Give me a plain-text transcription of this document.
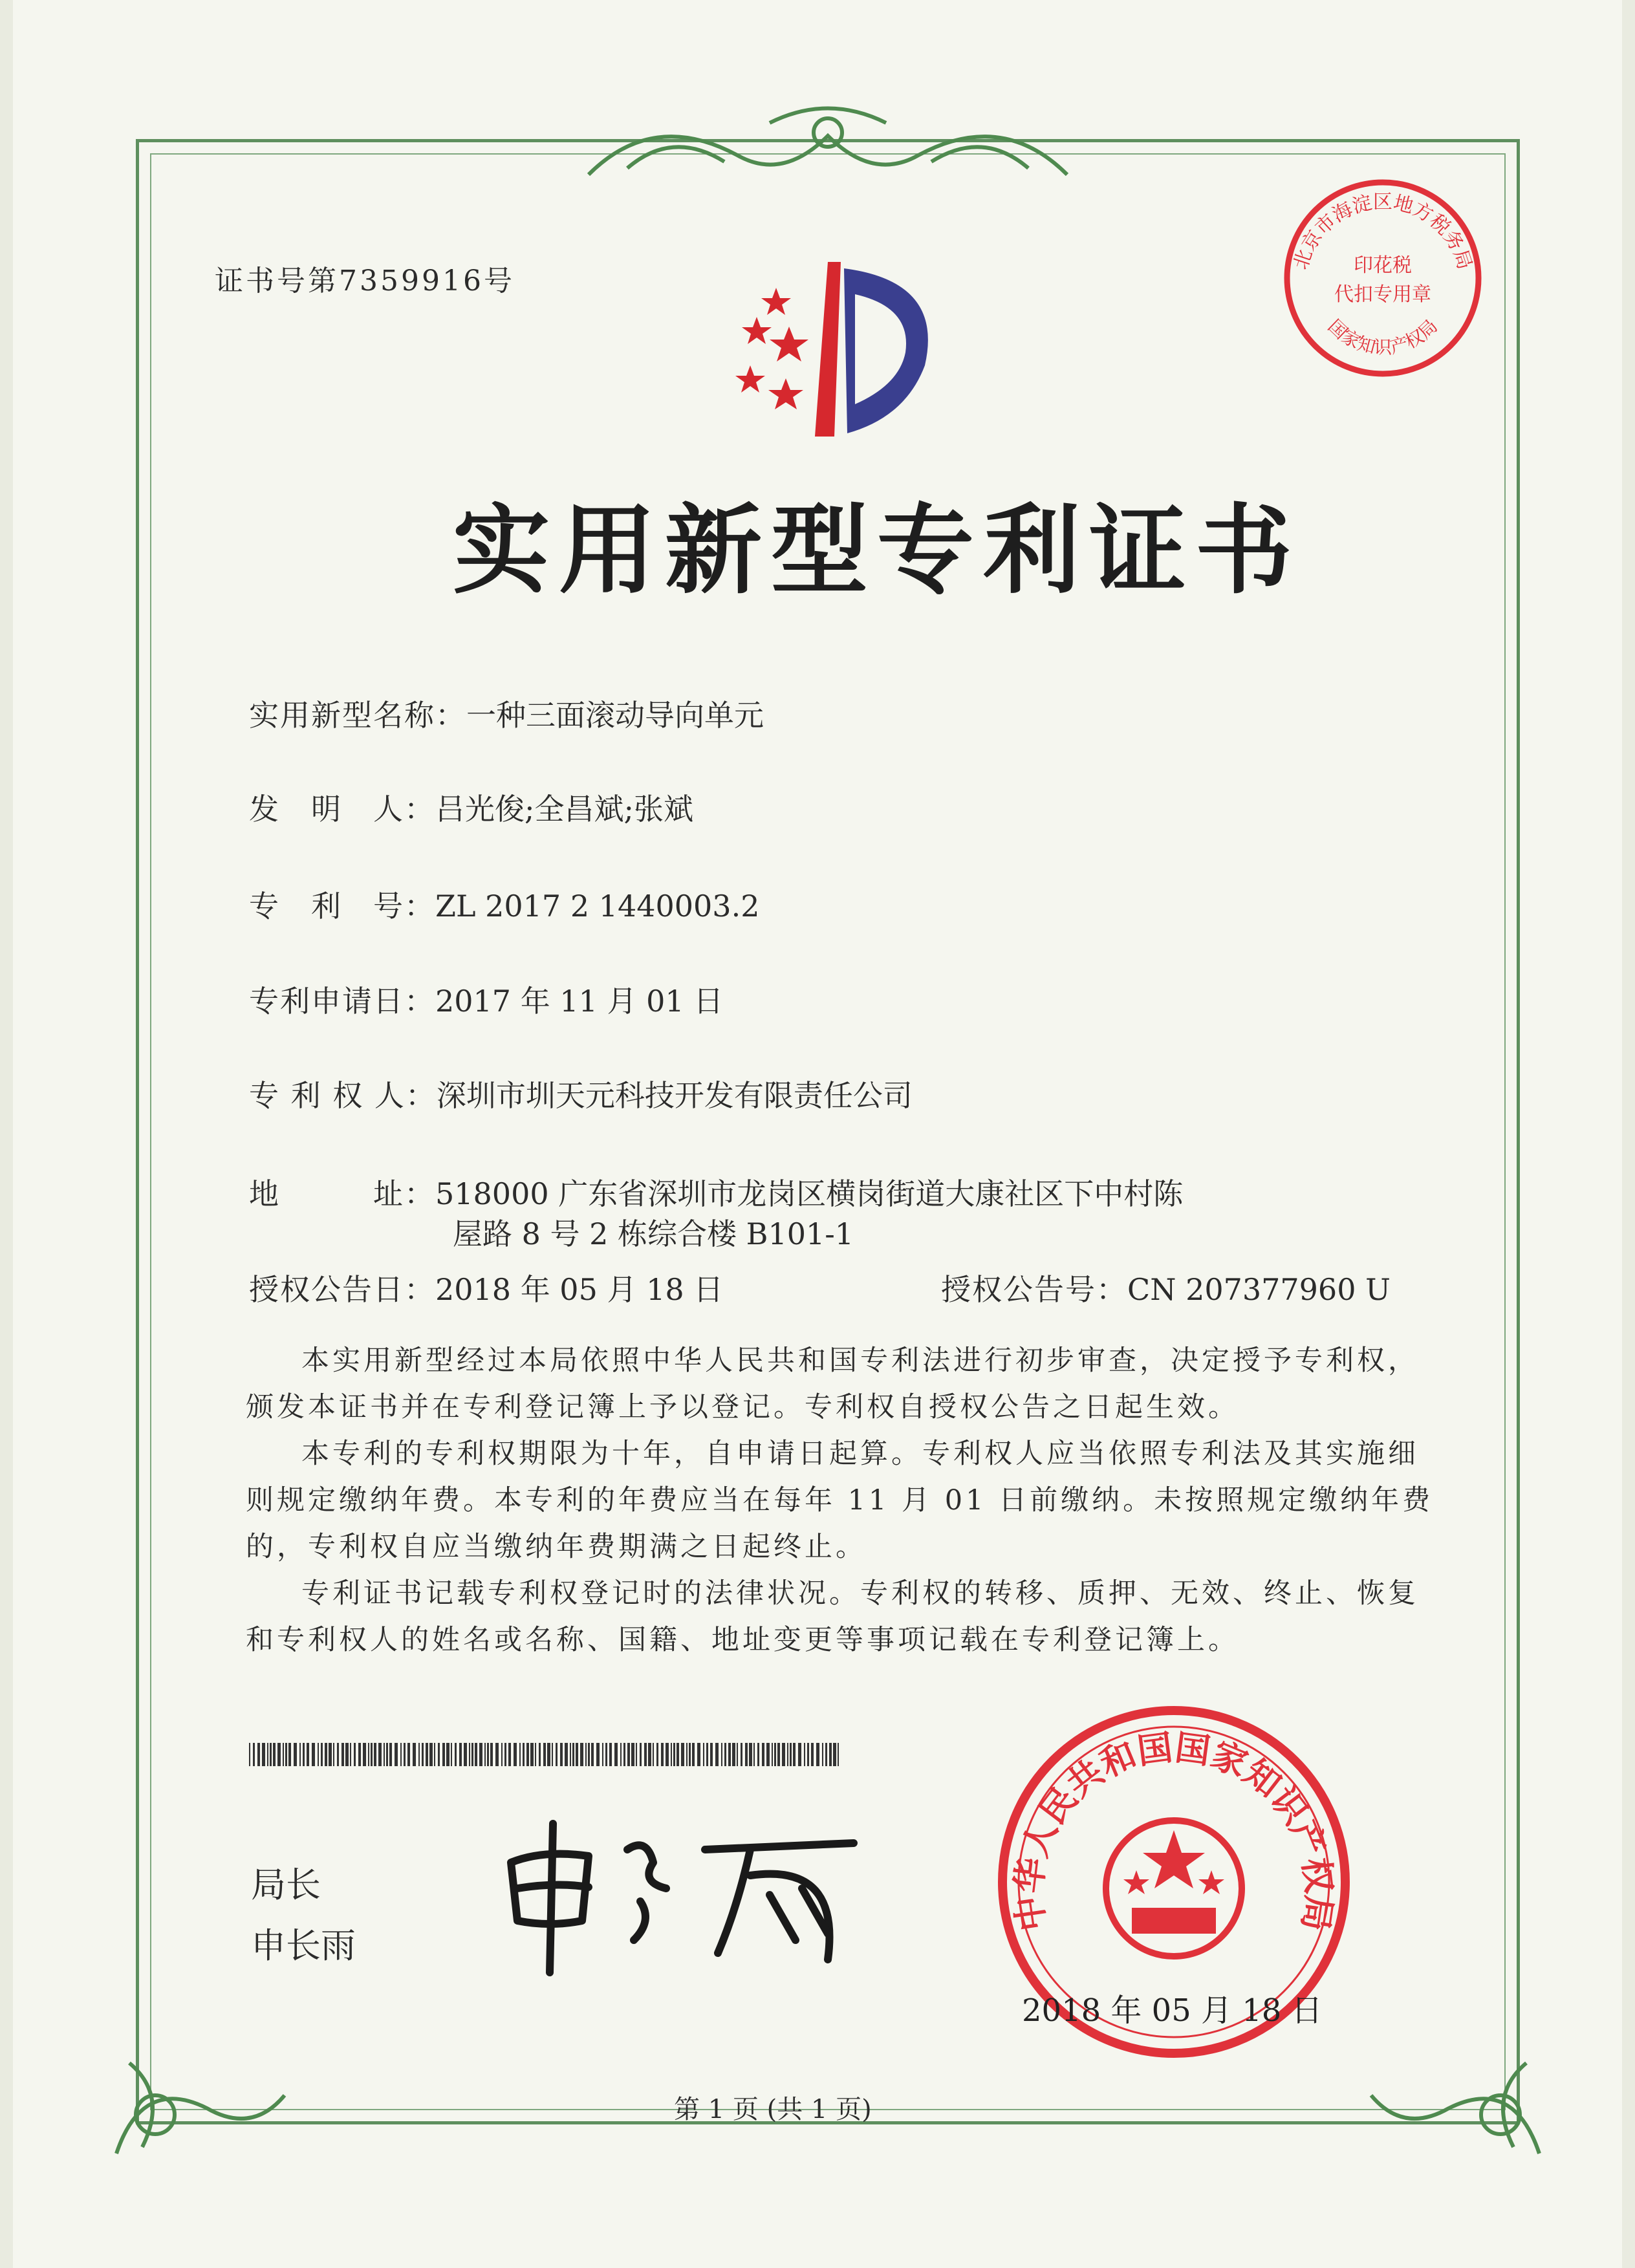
证书号第7359916号
实用新型专利证书
实用新型名称：一种三面滚动导向单元
发　明　人：吕光俊;全昌斌;张斌
专　利　号：ZL 2017 2 1440003.2
专利申请日：2017 年 11 月 01 日
专 利 权 人：深圳市圳天元科技开发有限责任公司
地　　　址：518000 广东省深圳市龙岗区横岗街道大康社区下中村陈
屋路 8 号 2 栋综合楼 B101-1
授权公告日：2018 年 05 月 18 日	授权公告号：CN 207377960 U
本实用新型经过本局依照中华人民共和国专利法进行初步审查，决定授予专利权，颁发本证书并在专利登记簿上予以登记。专利权自授权公告之日起生效。
本专利的专利权期限为十年，自申请日起算。专利权人应当依照专利法及其实施细则规定缴纳年费。本专利的年费应当在每年 11 月 01 日前缴纳。未按照规定缴纳年费的，专利权自应当缴纳年费期满之日起终止。
专利证书记载专利权登记时的法律状况。专利权的转移、质押、无效、终止、恢复和专利权人的姓名或名称、国籍、地址变更等事项记载在专利登记簿上。
局长
申长雨
中华人民共和国国家知识产权局
2018 年 05 月 18 日
北京市海淀区地方税务局
国家知识产权局
印花税
代扣专用章
第 1 页 (共 1 页)
